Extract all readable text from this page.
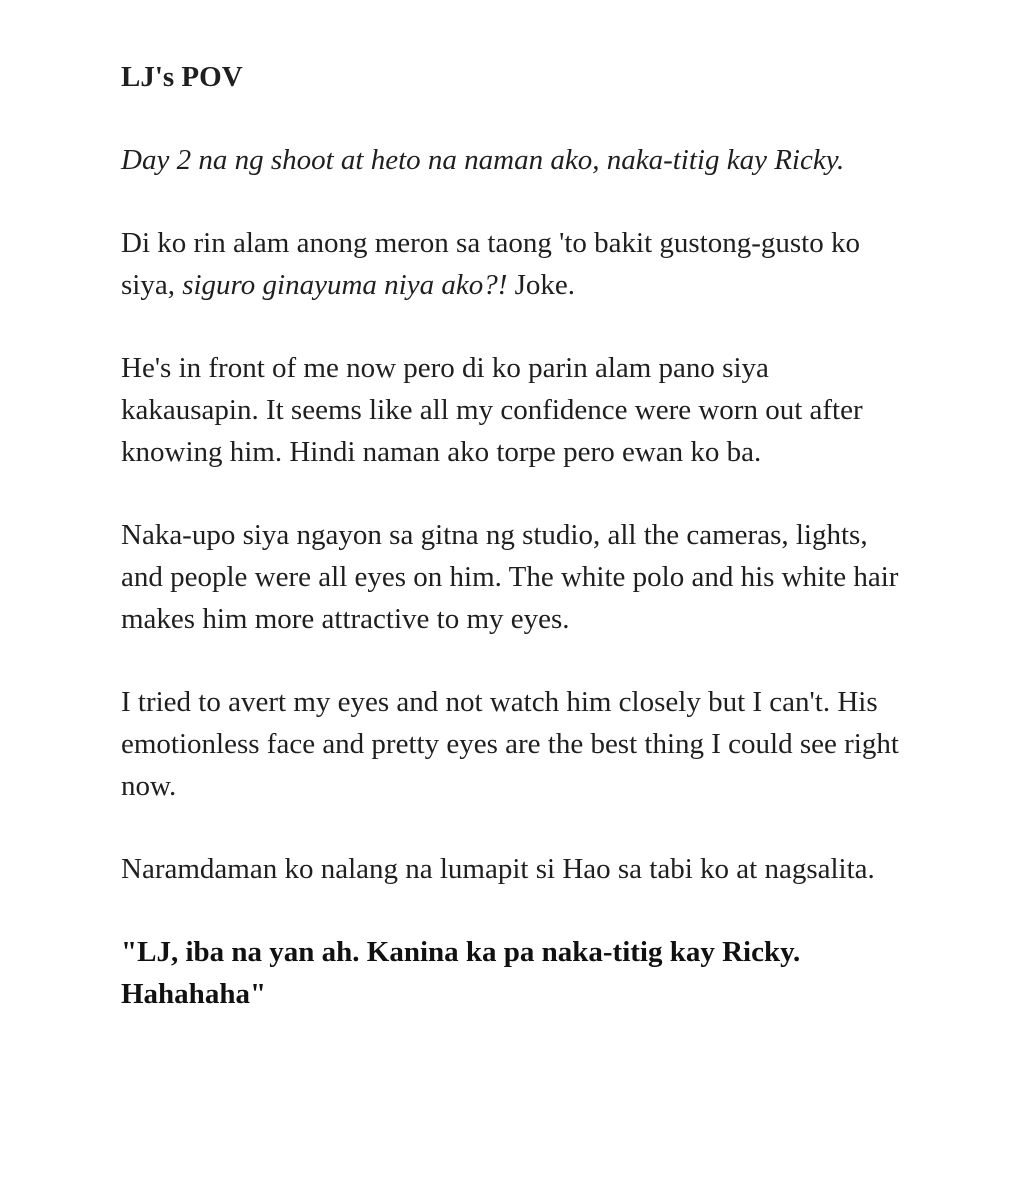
LJ's POV

Day 2 na ng shoot at heto na naman ako, naka-titig kay Ricky.

Di ko rin alam anong meron sa taong 'to bakit gustong-gusto ko siya, siguro ginayuma niya ako?! Joke.

He's in front of me now pero di ko parin alam pano siya kakausapin. It seems like all my confidence were worn out after knowing him. Hindi naman ako torpe pero ewan ko ba.

Naka-upo siya ngayon sa gitna ng studio, all the cameras, lights, and people were all eyes on him. The white polo and his white hair makes him more attractive to my eyes.

I tried to avert my eyes and not watch him closely but I can't. His emotionless face and pretty eyes are the best thing I could see right now.

Naramdaman ko nalang na lumapit si Hao sa tabi ko at nagsalita.

"LJ, iba na yan ah. Kanina ka pa naka-titig kay Ricky. Hahahaha"
